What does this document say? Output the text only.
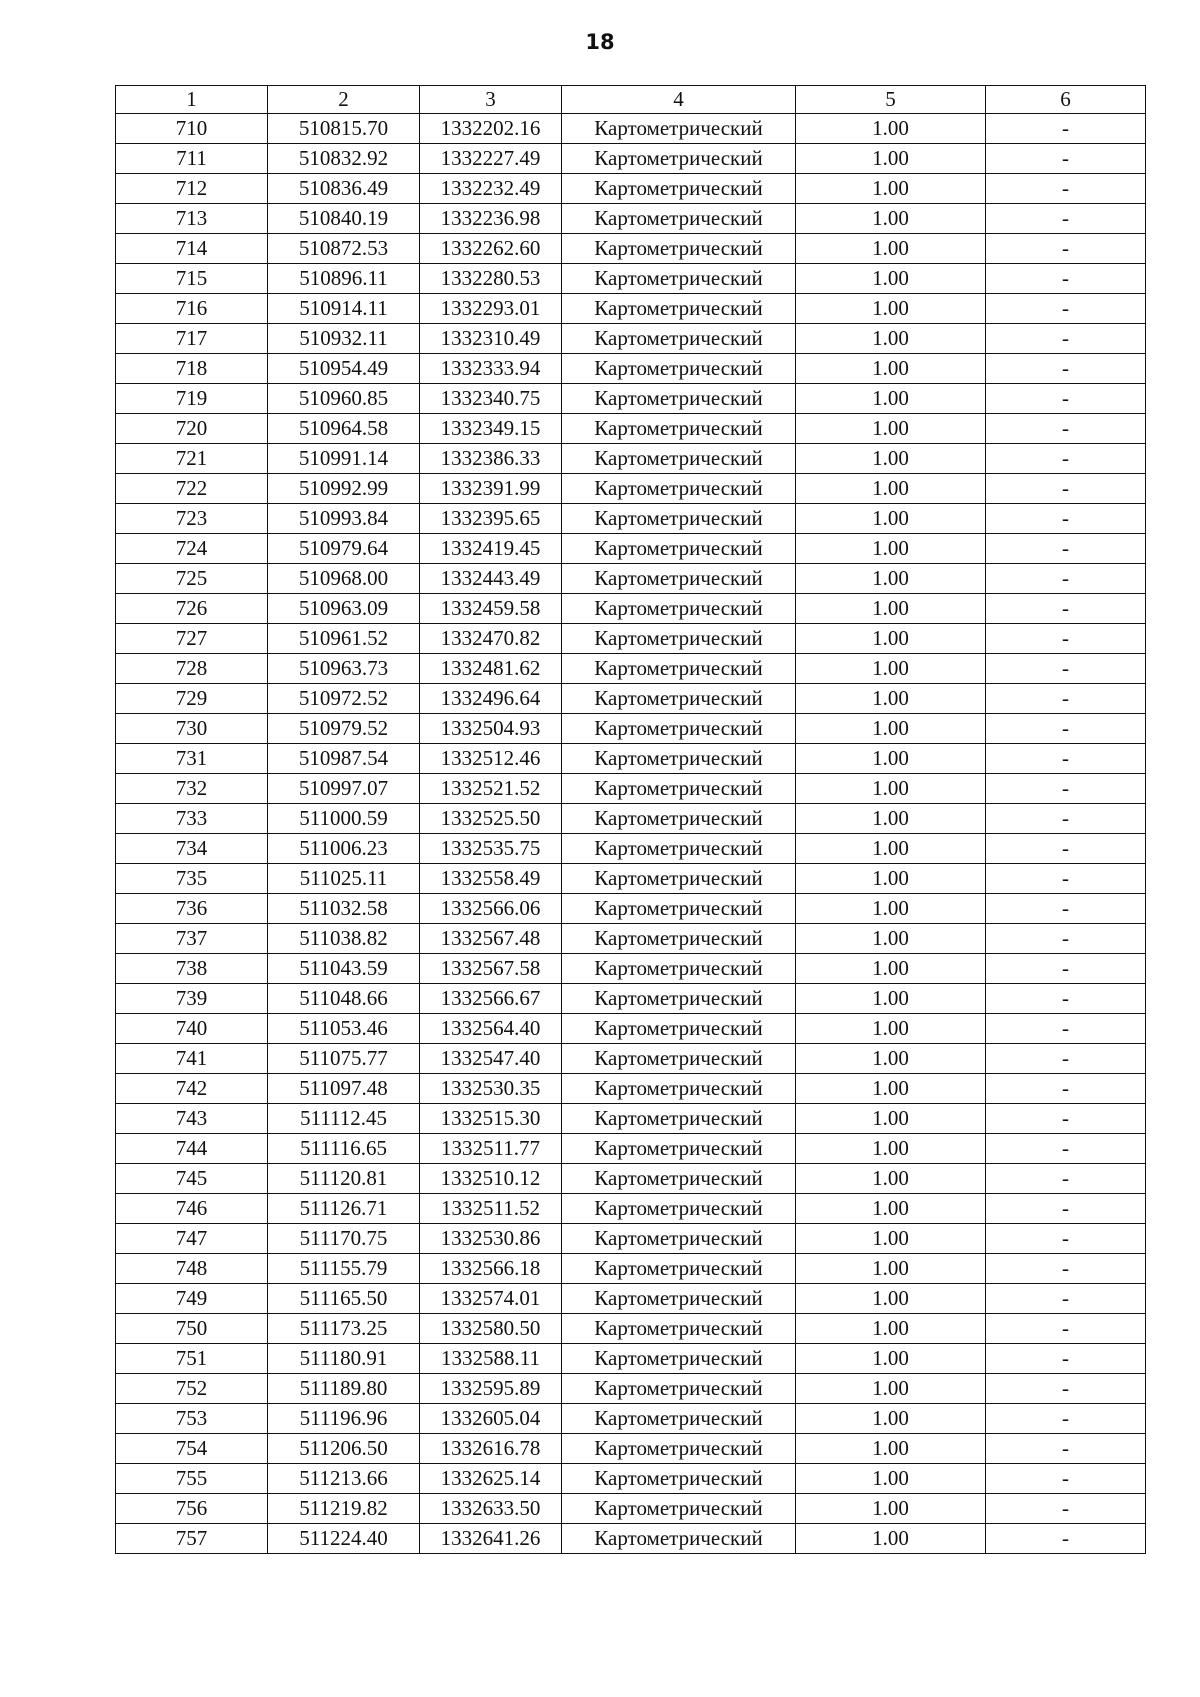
18
1	2	3	4	5	6
710	510815.70	1332202.16	Картометрический	1.00	-
711	510832.92	1332227.49	Картометрический	1.00	-
712	510836.49	1332232.49	Картометрический	1.00	-
713	510840.19	1332236.98	Картометрический	1.00	-
714	510872.53	1332262.60	Картометрический	1.00	-
715	510896.11	1332280.53	Картометрический	1.00	-
716	510914.11	1332293.01	Картометрический	1.00	-
717	510932.11	1332310.49	Картометрический	1.00	-
718	510954.49	1332333.94	Картометрический	1.00	-
719	510960.85	1332340.75	Картометрический	1.00	-
720	510964.58	1332349.15	Картометрический	1.00	-
721	510991.14	1332386.33	Картометрический	1.00	-
722	510992.99	1332391.99	Картометрический	1.00	-
723	510993.84	1332395.65	Картометрический	1.00	-
724	510979.64	1332419.45	Картометрический	1.00	-
725	510968.00	1332443.49	Картометрический	1.00	-
726	510963.09	1332459.58	Картометрический	1.00	-
727	510961.52	1332470.82	Картометрический	1.00	-
728	510963.73	1332481.62	Картометрический	1.00	-
729	510972.52	1332496.64	Картометрический	1.00	-
730	510979.52	1332504.93	Картометрический	1.00	-
731	510987.54	1332512.46	Картометрический	1.00	-
732	510997.07	1332521.52	Картометрический	1.00	-
733	511000.59	1332525.50	Картометрический	1.00	-
734	511006.23	1332535.75	Картометрический	1.00	-
735	511025.11	1332558.49	Картометрический	1.00	-
736	511032.58	1332566.06	Картометрический	1.00	-
737	511038.82	1332567.48	Картометрический	1.00	-
738	511043.59	1332567.58	Картометрический	1.00	-
739	511048.66	1332566.67	Картометрический	1.00	-
740	511053.46	1332564.40	Картометрический	1.00	-
741	511075.77	1332547.40	Картометрический	1.00	-
742	511097.48	1332530.35	Картометрический	1.00	-
743	511112.45	1332515.30	Картометрический	1.00	-
744	511116.65	1332511.77	Картометрический	1.00	-
745	511120.81	1332510.12	Картометрический	1.00	-
746	511126.71	1332511.52	Картометрический	1.00	-
747	511170.75	1332530.86	Картометрический	1.00	-
748	511155.79	1332566.18	Картометрический	1.00	-
749	511165.50	1332574.01	Картометрический	1.00	-
750	511173.25	1332580.50	Картометрический	1.00	-
751	511180.91	1332588.11	Картометрический	1.00	-
752	511189.80	1332595.89	Картометрический	1.00	-
753	511196.96	1332605.04	Картометрический	1.00	-
754	511206.50	1332616.78	Картометрический	1.00	-
755	511213.66	1332625.14	Картометрический	1.00	-
756	511219.82	1332633.50	Картометрический	1.00	-
757	511224.40	1332641.26	Картометрический	1.00	-
